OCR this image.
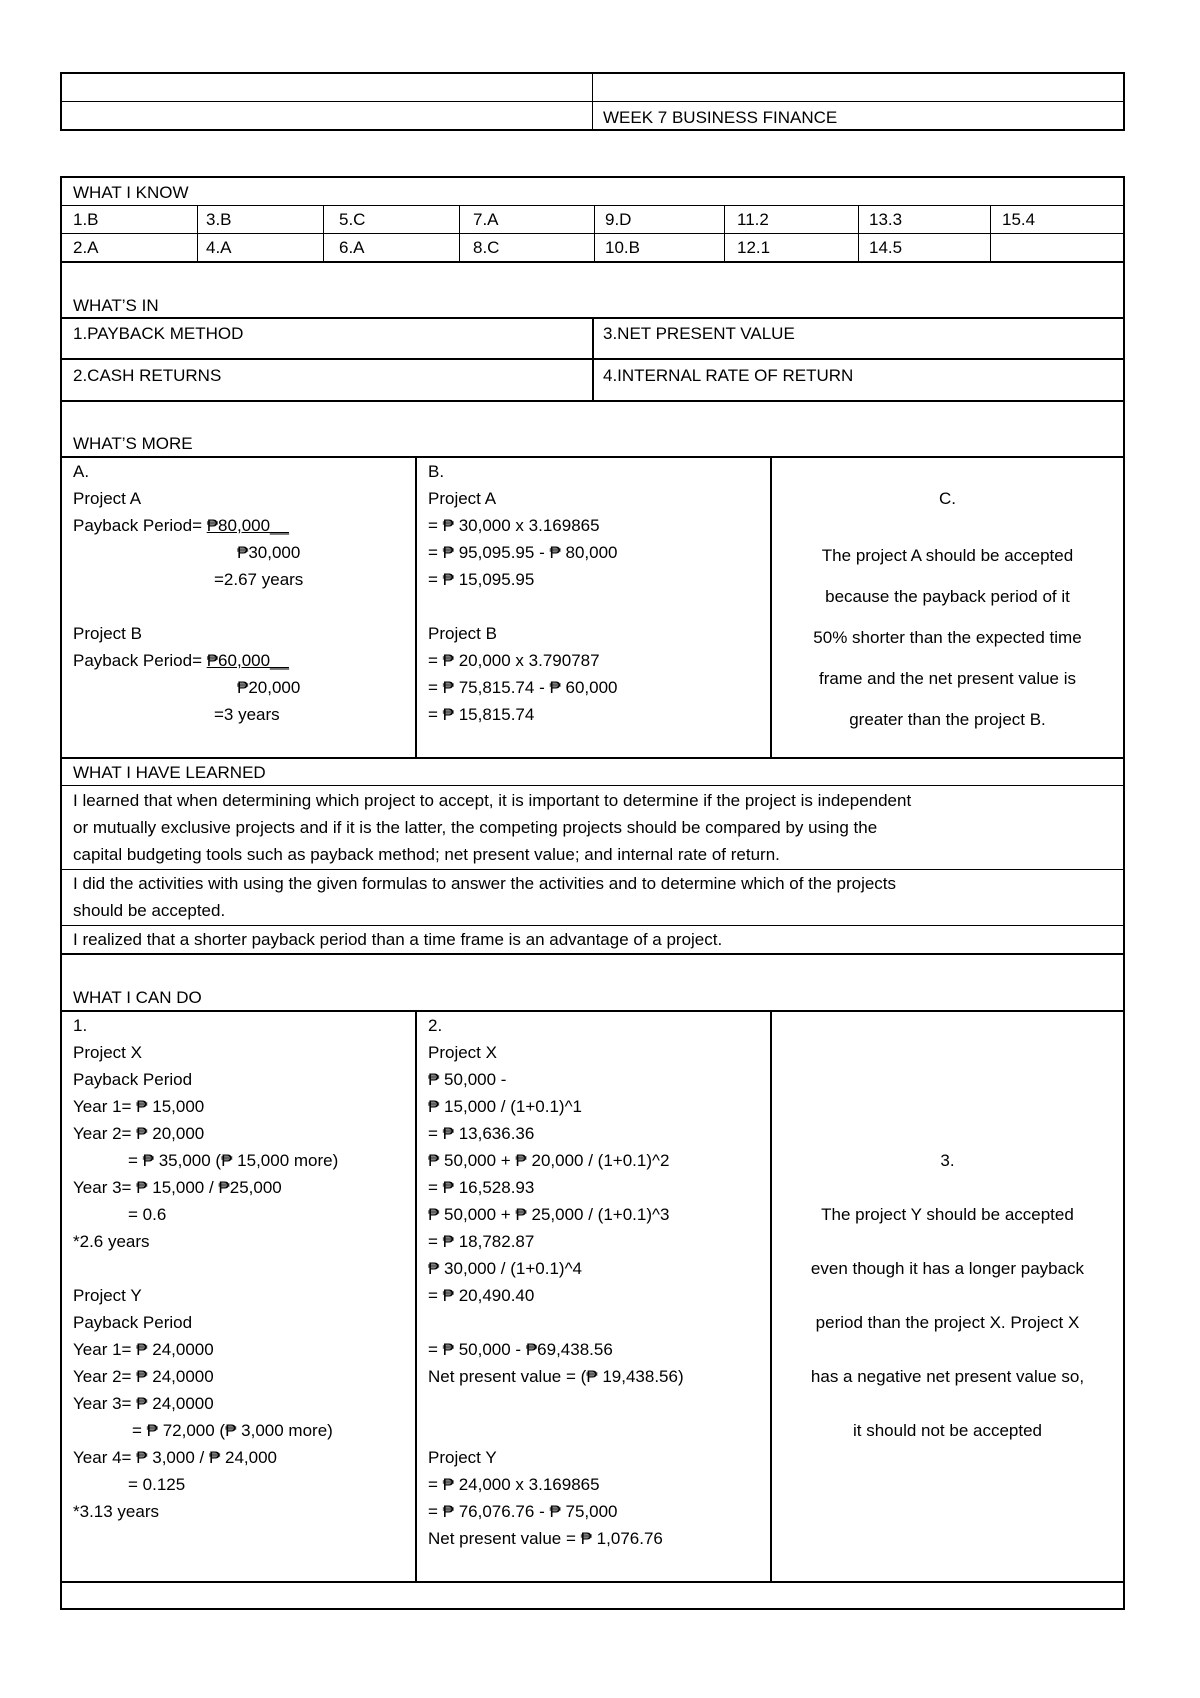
WEEK 7 BUSINESS FINANCE
WHAT I KNOW
1.B	3.B	5.C	7.A	9.D	11.2	13.3	15.4
2.A	4.A	6.A	8.C	10.B	12.1	14.5
WHAT’S IN
1.PAYBACK METHOD	3.NET PRESENT VALUE
2.CASH RETURNS	4.INTERNAL RATE OF RETURN
WHAT’S MORE
A.
Project A
Payback Period= ₱80,000__
₱30,000
=2.67 years
Project B
Payback Period= ₱60,000__
₱20,000
=3 years
B.
Project A
= ₱ 30,000 x 3.169865
= ₱ 95,095.95 - ₱ 80,000
= ₱ 15,095.95
Project B
= ₱ 20,000 x 3.790787
= ₱ 75,815.74 - ₱ 60,000
= ₱ 15,815.74
C.
The project A should be accepted
because the payback period of it
50% shorter than the expected time
frame and the net present value is
greater than the project B.
WHAT I HAVE LEARNED
I learned that when determining which project to accept, it is important to determine if the project is independent
or mutually exclusive projects and if it is the latter, the competing projects should be compared by using the
capital budgeting tools such as payback method; net present value; and internal rate of return.
I did the activities with using the given formulas to answer the activities and to determine which of the projects
should be accepted.
I realized that a shorter payback period than a time frame is an advantage of a project.
WHAT I CAN DO
1.
Project X
Payback Period
Year 1= ₱ 15,000
Year 2= ₱ 20,000
= ₱ 35,000 (₱ 15,000 more)
Year 3= ₱ 15,000 / ₱25,000
= 0.6
*2.6 years
Project Y
Payback Period
Year 1= ₱ 24,0000
Year 2= ₱ 24,0000
Year 3= ₱ 24,0000
= ₱ 72,000 (₱ 3,000 more)
Year 4= ₱ 3,000 / ₱ 24,000
= 0.125
*3.13 years
2.
Project X
₱ 50,000 -
₱ 15,000 / (1+0.1)^1
= ₱ 13,636.36
₱ 50,000 + ₱ 20,000 / (1+0.1)^2
= ₱ 16,528.93
₱ 50,000 + ₱ 25,000 / (1+0.1)^3
= ₱ 18,782.87
₱ 30,000 / (1+0.1)^4
= ₱ 20,490.40
= ₱ 50,000 - ₱69,438.56
Net present value = (₱ 19,438.56)
Project Y
= ₱ 24,000 x 3.169865
= ₱ 76,076.76 - ₱ 75,000
Net present value = ₱ 1,076.76
3.
The project Y should be accepted
even though it has a longer payback
period than the project X. Project X
has a negative net present value so,
it should not be accepted
